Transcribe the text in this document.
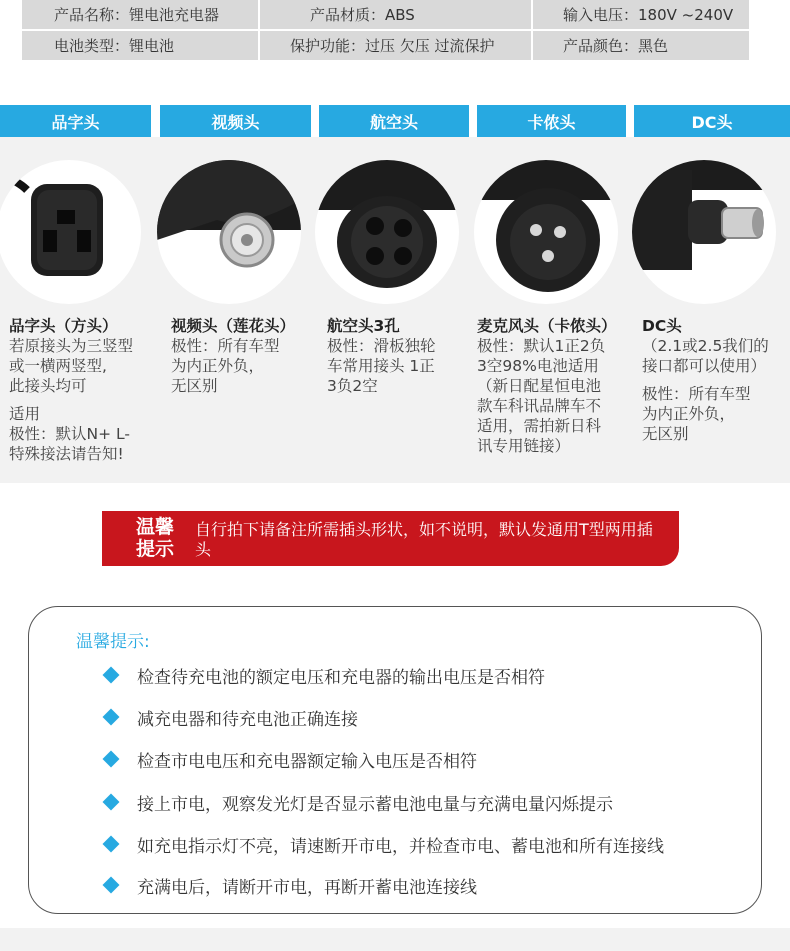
产品名称：锂电池充电器	产品材质：ABS	输入电压：180V ~240V
电池类型：锂电池	保护功能：过压 欠压 过流保护	产品颜色：黑色
品字头	视频头	航空头	卡侬头	DC头
品字头（方头）
若原接头为三竖型
或一横两竖型,
此接头均可
适用
极性：默认N+ L-
特殊接法请告知!
视频头（莲花头）
极性：所有车型
为内正外负，
无区别
航空头3孔
极性：滑板独轮
车常用接头 1正
3负2空
麦克风头（卡侬头）
极性：默认1正2负
3空98%电池适用
（新日配星恒电池
款车科讯品牌车不
适用，需拍新日科
讯专用链接）
DC头
（2.1或2.5我们的
接口都可以使用）
极性：所有车型
为内正外负，
无区别
温馨提示
自行拍下请备注所需插头形状，如不说明，默认发通用T型两用插头
温馨提示:
检查待充电池的额定电压和充电器的输出电压是否相符
减充电器和待充电池正确连接
检查市电电压和充电器额定输入电压是否相符
接上市电，观察发光灯是否显示蓄电池电量与充满电量闪烁提示
如充电指示灯不亮，请速断开市电，并检查市电、蓄电池和所有连接线
充满电后，请断开市电，再断开蓄电池连接线
